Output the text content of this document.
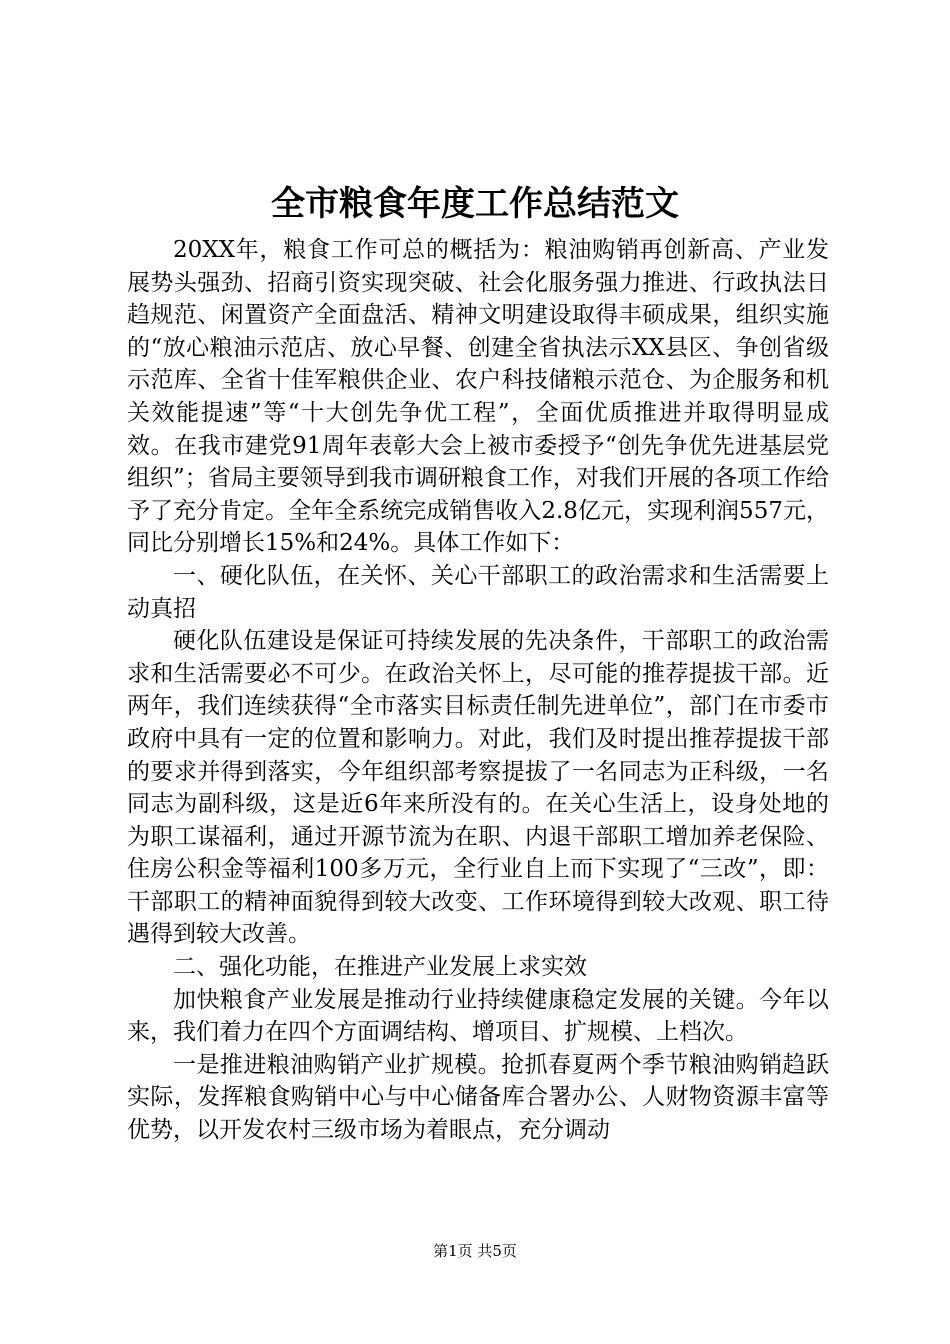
全市粮食年度工作总结范文

20XX年，粮食工作可总的概括为：粮油购销再创新高、产业发展势头强劲、招商引资实现突破、社会化服务强力推进、行政执法日趋规范、闲置资产全面盘活、精神文明建设取得丰硕成果，组织实施的“放心粮油示范店、放心早餐、创建全省执法示XX县区、争创省级示范库、全省十佳军粮供企业、农户科技储粮示范仓、为企服务和机关效能提速”等“十大创先争优工程”，全面优质推进并取得明显成效。在我市建党91周年表彰大会上被市委授予“创先争优先进基层党组织”；省局主要领导到我市调研粮食工作，对我们开展的各项工作给予了充分肯定。全年全系统完成销售收入2.8亿元，实现利润557元，同比分别增长15%和24%。具体工作如下：

一、硬化队伍，在关怀、关心干部职工的政治需求和生活需要上动真招

硬化队伍建设是保证可持续发展的先决条件，干部职工的政治需求和生活需要必不可少。在政治关怀上，尽可能的推荐提拔干部。近两年，我们连续获得“全市落实目标责任制先进单位”，部门在市委市政府中具有一定的位置和影响力。对此，我们及时提出推荐提拔干部的要求并得到落实，今年组织部考察提拔了一名同志为正科级，一名同志为副科级，这是近6年来所没有的。在关心生活上，设身处地的为职工谋福利，通过开源节流为在职、内退干部职工增加养老保险、住房公积金等福利100多万元，全行业自上而下实现了“三改”，即：干部职工的精神面貌得到较大改变、工作环境得到较大改观、职工待遇得到较大改善。

二、强化功能，在推进产业发展上求实效

加快粮食产业发展是推动行业持续健康稳定发展的关键。今年以来，我们着力在四个方面调结构、增项目、扩规模、上档次。

一是推进粮油购销产业扩规模。抢抓春夏两个季节粮油购销趋跃实际，发挥粮食购销中心与中心储备库合署办公、人财物资源丰富等优势，以开发农村三级市场为着眼点，充分调动

第1页 共5页
